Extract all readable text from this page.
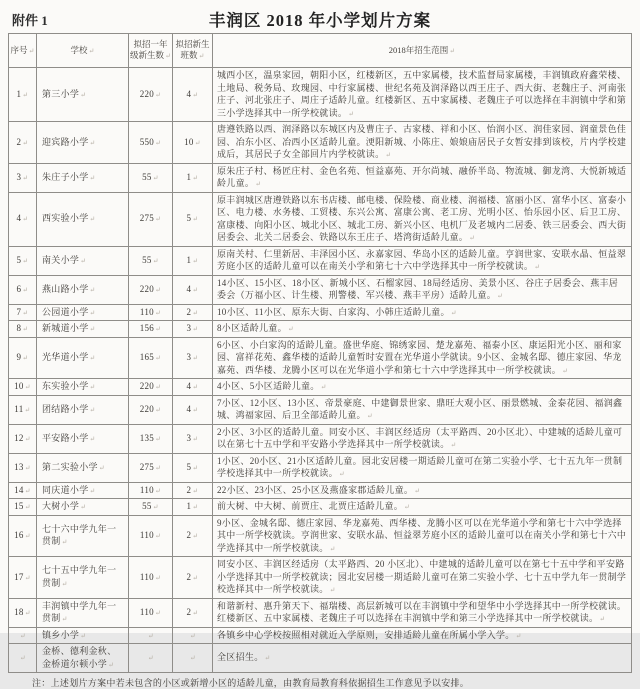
附件 1	丰润区 2018 年小学划片方案
序号↵	学校↵	拟招一年级新生数↵	拟招新生班数↵	2018年招生范围↵
1↵	第三小学↵	220↵	4↵	城西小区，温泉家园，朝阳小区，红楼新区，五中家属楼，技术监督局家属楼，丰润镇政府鑫荣楼、土地局、税务局、玫瑰园、中行家属楼、世纪名苑及润泽路以西王庄子、西大街、老魏庄子、河南张庄子、河北张庄子、周庄子适龄儿童。红楼新区、五中家属楼、老魏庄子可以选择在丰润镇中学和第三小学选择其中一所学校就读。↵
2↵	迎宾路小学↵	550↵	10↵	唐遵铁路以西、润泽路以东城区内及曹庄子、古家楼、祥和小区、怡润小区、润佳家园、润童景色佳园、冶东小区、冶西小区适龄儿童。浭阳新城、小陈庄、娘娘庙居民子女暂安排到该校，片内学校建成后，其居民子女全部回片内学校就读。↵
3↵	朱庄子小学↵	55↵	1↵	原朱庄子村、杨匠庄村、金色名苑、恒益嘉苑、开尔尚城、融侨半岛、物流城、御龙湾、大悦新城适龄儿童。↵
4↵	西实验小学↵	275↵	5↵	原丰润城区唐遵铁路以东书店楼、邮电楼、保险楼、商业楼、润福楼、富丽小区、富华小区、富泰小区、电力楼、水务楼、工贸楼、东兴公寓、富康公寓、老工房、光明小区、怡乐园小区、后卫工房、富康楼、向阳小区、城北小区、城北工房、新兴小区、电机厂及老城内二居委、铁三居委会、西大街居委会、北关二居委会、铁路以东王庄子、塔湾街适龄儿童。↵
5↵	南关小学↵	55↵	1↵	原南关村、仁里新居、丰泽园小区、永嘉家园、华岛小区的适龄儿童。亨润世家、安联水晶、恒益翠芳庭小区的适龄儿童可以在南关小学和第七十六中学选择其中一所学校就读。↵
6↵	燕山路小学↵	220↵	4↵	14小区、15小区、18小区、新城小区、石榴家园、18局经适房、美景小区、谷庄子居委会、燕丰居委会（万福小区、计生楼、刑警楼、军兴楼、燕丰平房）适龄儿童。↵
7↵	公园道小学↵	110↵	2↵	10小区、11小区、原东大街、白家沟、小韩庄适龄儿童。↵
8↵	新城道小学↵	156↵	3↵	8小区适龄儿童。↵
9↵	光华道小学↵	165↵	3↵	6小区、小白家沟的适龄儿童。盛世华庭、锦绣家园、楚龙嘉苑、福泰小区、康运阳光小区、丽和家园、富祥花苑、鑫华楼的适龄儿童暂时安置在光华道小学就读。9小区、金城名邸、德庄家园、华龙嘉苑、西华楼、龙腾小区可以在光华道小学和第七十六中学选择其中一所学校就读。↵
10↵	东实验小学↵	220↵	4↵	4小区、5小区适龄儿童。↵
11↵	团结路小学↵	220↵	4↵	7小区、12小区、13小区、帝景豪庭、中建御景世家、鼎旺大观小区、丽景燃城、金泰花园、福润鑫城、鸿福家园、后卫全部适龄儿童。↵
12↵	平安路小学↵	135↵	3↵	2小区、3小区的适龄儿童。同安小区、丰润区经适房（太平路西、20小区北）、中建城的适龄儿童可以在第七十五中学和平安路小学选择其中一所学校就读。↵
13↵	第二实验小学↵	275↵	5↵	1小区、20小区、21小区适龄儿童。园北安居楼一期适龄儿童可在第二实验小学、七十五九年一贯制学校选择其中一所学校就读。↵
14↵	同庆道小学↵	110↵	2↵	22小区、23小区、25小区及燕盛家郡适龄儿童。↵
15↵	大树小学↵	55↵	1↵	前大树、中大树、前贾庄、北贾庄适龄儿童。↵
16↵	七十六中学九年一贯制↵	110↵	2↵	9小区、金城名邸、德庄家园、华龙嘉苑、西华楼、龙腾小区可以在光华道小学和第七十六中学选择其中一所学校就读。亨润世家、安联水晶、恒益翠芳庭小区的适龄儿童可以在南关小学和第七十六中学选择其中一所学校就读。↵
17↵	七十五中学九年一贯制↵	110↵	2↵	同安小区、丰润区经适房（太平路西、20 小区北）、中建城的适龄儿童可以在第七十五中学和平安路小学选择其中一所学校就读；园北安居楼一期适龄儿童可在第二实验小学、七十五中学九年一贯制学校选择其中一所学校就读。↵
18↵	丰润镇中学九年一贯制↵	110↵	2↵	和谐新村、惠升第天下、福瑞楼、高层新城可以在丰润镇中学和望华中小学选择其中一所学校就读。红楼新区、五中家属楼、老魏庄子可以选择在丰润镇中学和第三小学选择其中一所学校就读。↵
↵	镇乡小学↵	↵	↵	各镇乡中心学校按照相对就近入学原则，安排适龄儿童在所属小学入学。↵
↵	金桥、德利金秋、金桥道尔顿小学↵	↵	↵	全区招生。↵
注：上述划片方案中若未包含的小区或新增小区的适龄儿童，由教育局教育科依据招生工作意见予以安排。
